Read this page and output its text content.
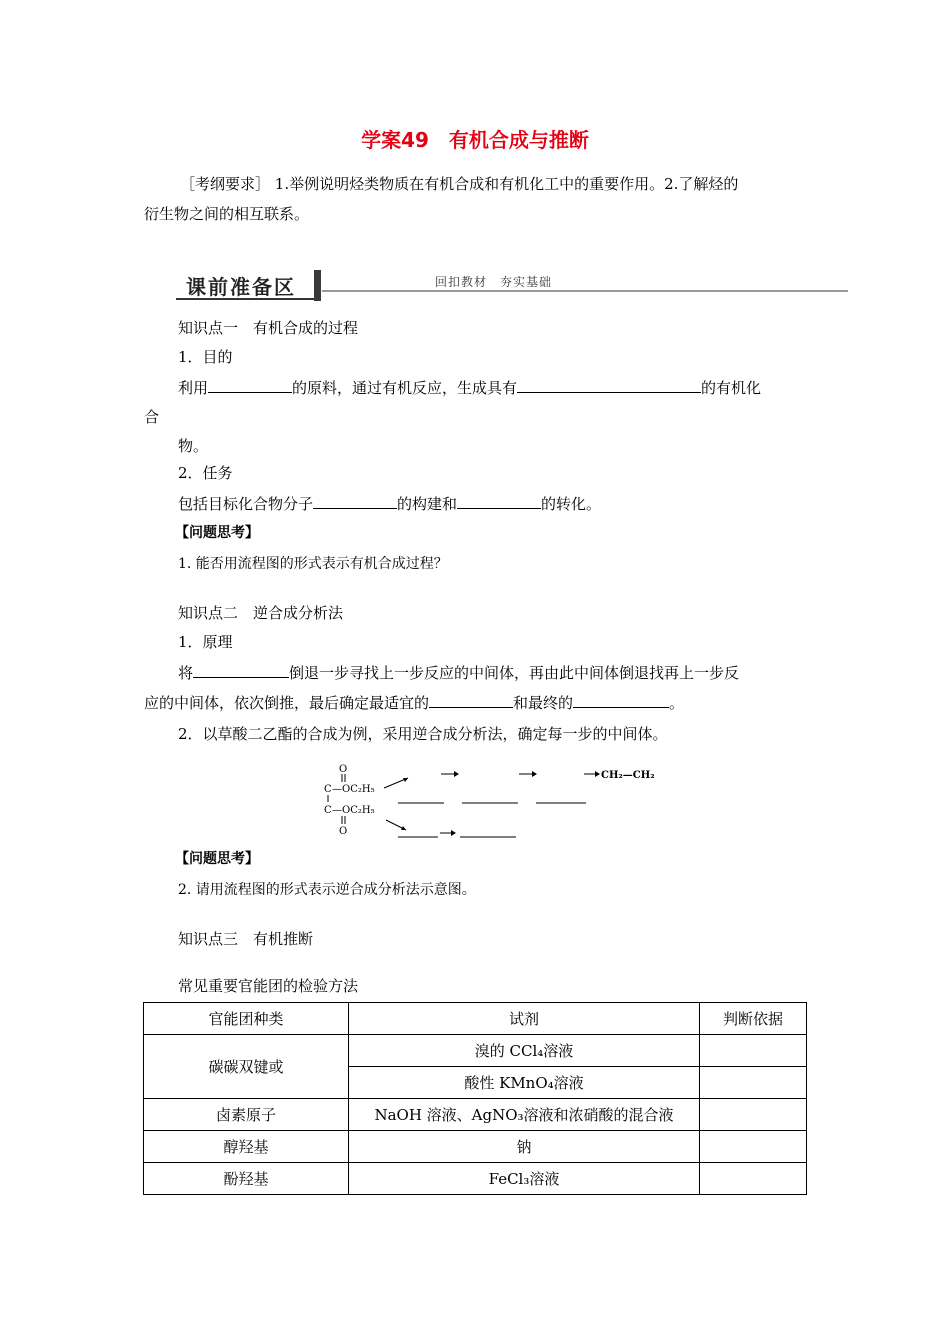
学案49　有机合成与推断
［考纲要求］ 1.举例说明烃类物质在有机合成和有机化工中的重要作用。2.了解烃的
衍生物之间的相互联系。
课前准备区	回扣教材　夯实基础
知识点一　有机合成的过程
1．目的
利用	的原料，通过有机反应，生成具有	的有机化
合
物。
2．任务
包括目标化合物分子	的构建和	的转化。
【问题思考】
1. 能否用流程图的形式表示有机合成过程？
知识点二　逆合成分析法
1．原理
将	倒退一步寻找上一步反应的中间体，再由此中间体倒退找再上一步反
应的中间体，依次倒推，最后确定最适宜的	和最终的	。
2．以草酸二乙酯的合成为例，采用逆合成分析法，确定每一步的中间体。
O
C —OC₂H₅
C —OC₂H₅
O
CH₂—CH₂
【问题思考】
2. 请用流程图的形式表示逆合成分析法示意图。
知识点三　有机推断
常见重要官能团的检验方法
官能团种类	试剂	判断依据
碳碳双键或	溴的 CCl₄溶液	
	酸性 KMnO₄溶液	
卤素原子	NaOH 溶液、AgNO₃溶液和浓硝酸的混合液	
醇羟基	钠	
酚羟基	FeCl₃溶液	
